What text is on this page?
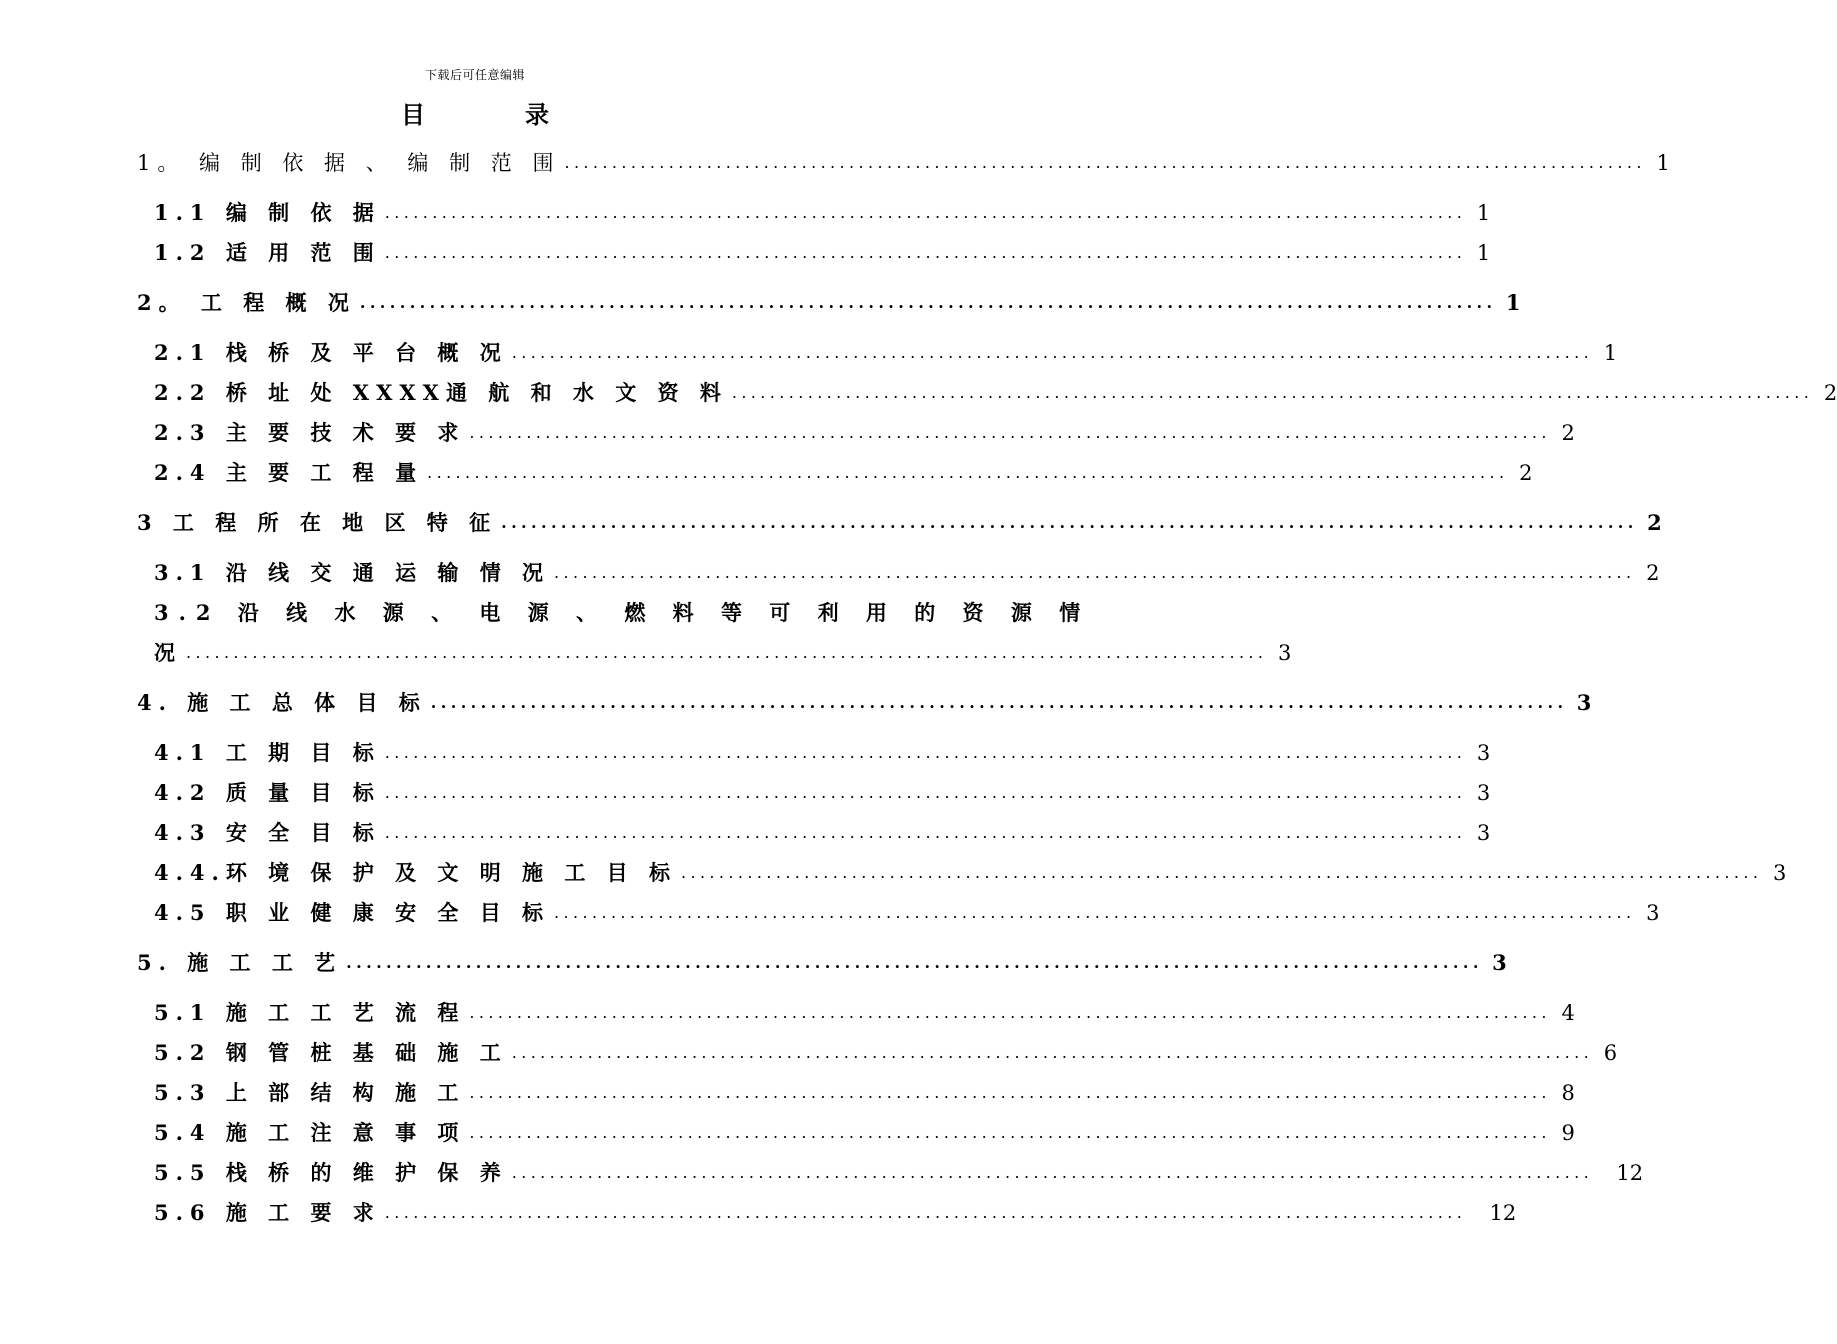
下载后可任意编辑
目	录
1。 编 制 依 据 、 编 制 范 围 .................................................................................................................. 1
1.1 编 制 依 据 .................................................................................................................. 1
1.2 适 用 范 围 .................................................................................................................. 1
2。 工 程 概 况 .................................................................................................................. 1
2.1 栈 桥 及 平 台 概 况 .................................................................................................................. 1
2.2 桥 址 处 XXXX通 航 和 水 文 资 料 .................................................................................................................. 2
2.3 主 要 技 术 要 求 .................................................................................................................. 2
2.4 主 要 工 程 量 .................................................................................................................. 2
3 工 程 所 在 地 区 特 征 .................................................................................................................. 2
3.1 沿 线 交 通 运 输 情 况 .................................................................................................................. 2
3.2 沿 线 水 源 、 电 源 、 燃 料 等 可 利 用 的 资 源 情
况 .................................................................................................................. 3
4. 施 工 总 体 目 标 .................................................................................................................. 3
4.1 工 期 目 标 .................................................................................................................. 3
4.2 质 量 目 标 .................................................................................................................. 3
4.3 安 全 目 标 .................................................................................................................. 3
4.4.环 境 保 护 及 文 明 施 工 目 标 .................................................................................................................. 3
4.5 职 业 健 康 安 全 目 标 .................................................................................................................. 3
5. 施 工 工 艺 .................................................................................................................. 3
5.1 施 工 工 艺 流 程 .................................................................................................................. 4
5.2 钢 管 桩 基 础 施 工 .................................................................................................................. 6
5.3 上 部 结 构 施 工 .................................................................................................................. 8
5.4 施 工 注 意 事 项 .................................................................................................................. 9
5.5 栈 桥 的 维 护 保 养 .................................................................................................................. 12
5.6 施 工 要 求 .................................................................................................................. 12
